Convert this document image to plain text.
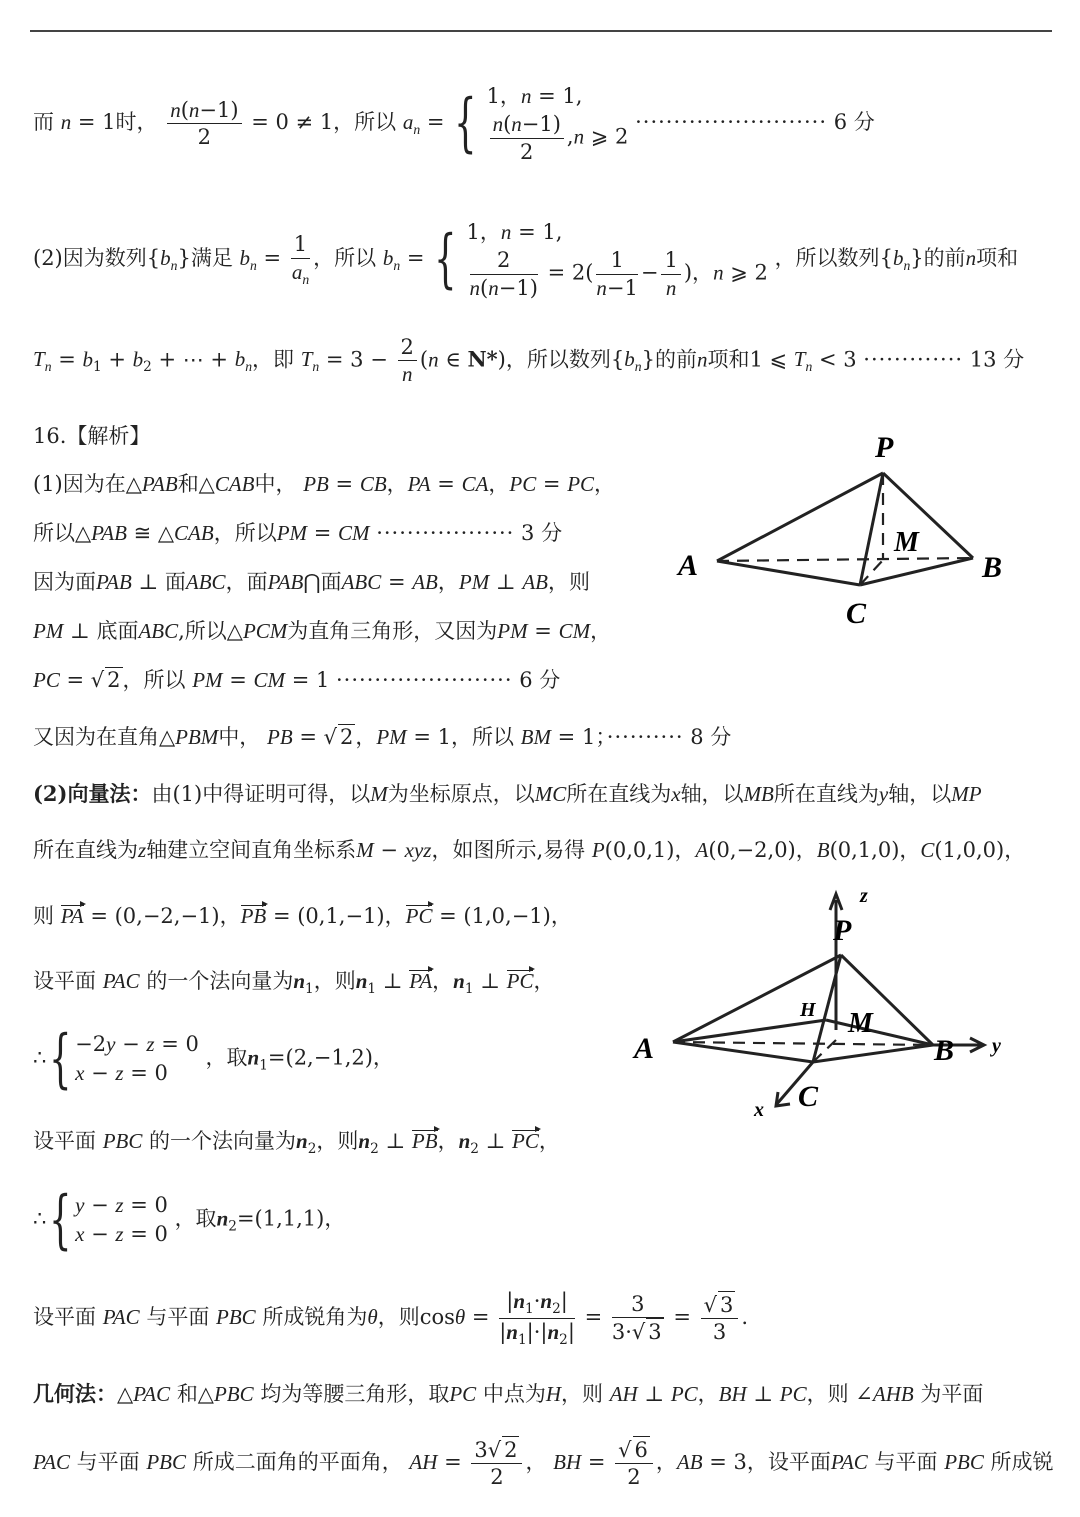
而 n = 1时， $\frac{n(n-1)}{2} = 0 \ne 1$，所以 $a_n$ = { 1，n = 1,

$\frac{n(n-1)}{2} ,n$ ⩾ 2 ························· 6 分
(2)因为数列$\{b_n\}$满足 $b_n = \frac{1}{a_n}$ ，所以 $b_n$ = { 1，n = 1,

$\frac{2}{n(n-1)} = 2( \frac{1}{n-1} - \frac{1}{n}$ )，n ⩾ 2 ，所以数列$\{b_n\}$的前n项和
$T_n = b_1 + b_2$ + ⋯ + $b_n$，即 $T_n = 3 - \frac{2}{n} (n$ ∈ N*)，所以数列$\{b_n\}$的前n项和1 ⩽ $T_n < 3$ ············· 13 分
16.【解析】
(1)因为在△PAB和△CAB中， PB = CB，PA = CA，PC = PC，
所以△PAB ≅ △CAB，所以PM = CM ·················· 3 分
因为面PAB ⊥ 面ABC，面PAB⋂面ABC = AB，PM ⊥ AB，则
PM ⊥ 底面ABC,所以△PCM为直角三角形，又因为PM = CM，
PC = √ 2，所以 PM = CM = 1 ······················· 6 分
又因为在直角△PBM中， PB = √ 2，PM = 1，所以 BM = 1；·········· 8 分
(2)向量法：由(1)中得证明可得，以M为坐标原点，以MC所在直线为x轴，以MB所在直线为y轴，以MP
所在直线为z轴建立空间直角坐标系M − xyz，如图所示,易得 P(0,0,1)，A(0,−2,0)，B(0,1,0)，C(1,0,0)，
则 PA = (0,−2,−1)，PB = (0,1,−1)，PC = (1,0,−1)，
设平面 PAC 的一个法向量为$n_1$，则$n_1$ ⊥ PA，$n_1$ ⊥ PC，
∴{ −2y − z = 0
x − z = 0 ，取$n_1=(2,-1,2)$，
设平面 PBC 的一个法向量为$n_2$，则$n_2$ ⊥ PB，$n_2$ ⊥ PC，
∴{ y − z = 0
x − z = 0 ，取$n_2=(1,1,1)$，
设平面 PAC 与平面 PBC 所成锐角为θ，则$\cos\theta = \frac{|n_1\cdot n_2|}{|n_1|\cdot|n_2|} = \frac{3}{3\cdot√ 3} = \frac{√ 3}{3}$ .
几何法：△PAC 和△PBC 均为等腰三角形，取PC 中点为H，则 AH ⊥ PC，BH ⊥ PC，则 ∠AHB 为平面
PAC 与平面 PBC 所成二面角的平面角， AH = $\frac{3√ 2}{2}$ ， BH = $\frac{√ 6}{2}$ ，AB = 3，设平面PAC 与平面 PBC 所成锐
P
M
A	B
C
z
P
H M
A	B y
C
x
